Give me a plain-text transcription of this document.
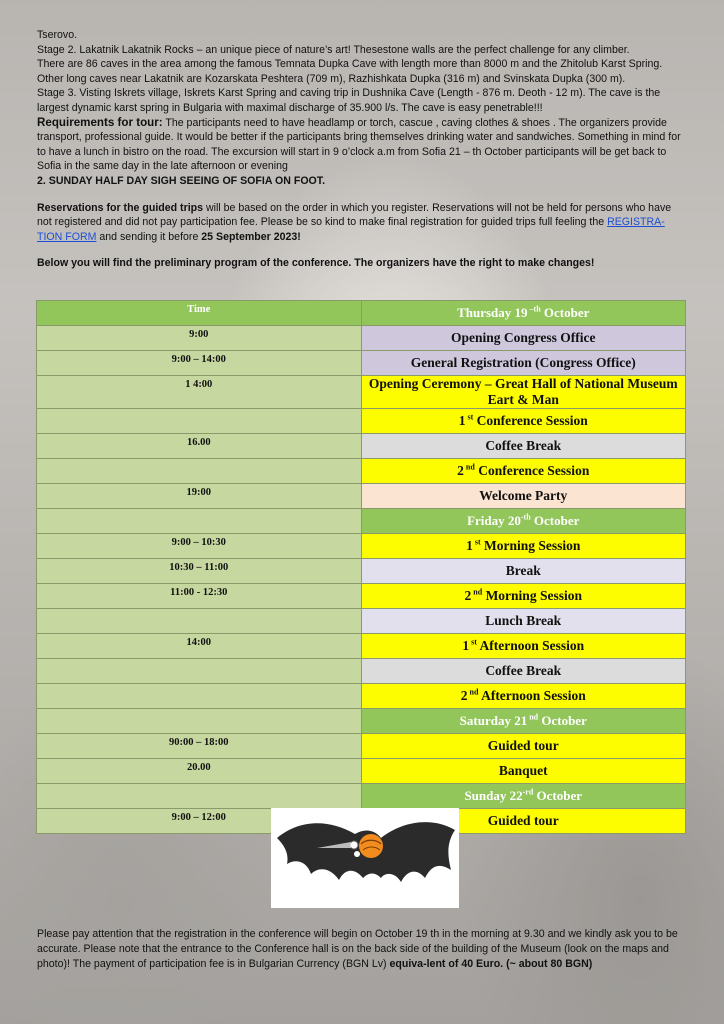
Tserovo.

Stage 2. Lakatnik Lakatnik Rocks – an unique piece of nature’s art! Thesestone walls are the perfect challenge for any climber.

There are 86 caves in the area among the famous Temnata Dupka Cave with length more than 8000 m and the Zhitolub Karst Spring. Other long caves near Lakatnik are Kozarskata Peshtera (709 m), Razhishkata Dupka (316 m) and Svinskata Dupka (300 m).

Stage 3. Visting Iskrets village, Iskrets Karst Spring and caving trip in Dushnika Cave (Length - 876 m. Deoth - 12 m). The cave is the largest dynamic karst spring in Bulgaria with maximal discharge of 35.900 l/s. The cave is easy penetrable!!!

Requirements for tour: The participants need to have headlamp or torch, cascue , caving clothes & shoes . The organizers provide transport, professional guide. It would be better if the participants bring themselves drinking water and sandwiches. Something in mind for to have a lunch in bistro on the road. The excursion will start in 9 o’clock a.m from Sofia 21 – th October participants will be get back to Sofia in the same day in the late afternoon or evening

2. SUNDAY HALF DAY SIGH SEEING OF SOFIA ON FOOT.

Reservations for the guided trips will be based on the order in which you register. Reservations will not be held for persons who have not registered and did not pay participation fee. Please be so kind to make final registration for guided trips full feeling the REGISTRA-TION FORM and sending it before 25 September 2023!

Below you will find the preliminary program of the conference. The organizers have the right to make changes!

Time	Thursday 19 $^{-th}$ October
9:00	Opening Congress Office
9:00 – 14:00	General Registration (Congress Office)
1 4:00	Opening Ceremony – Great Hall of National Museum Eart & Man
	1 $^{st}$ Conference Session
16.00	Coffee Break
	2 $^{nd}$ Conference Session
19:00	Welcome Party
	Friday $20^{-th}$ October
9:00 – 10:30	1 $^{st}$ Morning Session
10:30 – 11:00	Break
11:00 - 12:30	2 $^{nd}$ Morning Session
	Lunch Break
14:00	1 $^{st}$ Afternoon Session
	Coffee Break
	2 $^{nd}$ Afternoon Session
	Saturday 21 $^{nd}$ October
90:00 – 18:00	Guided tour
20.00	Banquet
	Sunday $22^{-rd}$ October
9:00 – 12:00	Guided tour
Please pay attention that the registration in the conference will begin on October 19 th in the morning at 9.30 and we kindly ask you to be accurate. Please note that the entrance to the Conference hall is on the back side of the building of the Museum (look on the maps and photo)! The payment of participation fee is in Bulgarian Currency (BGN Lv) equiva-lent of 40 Euro. (~ about 80 BGN)
